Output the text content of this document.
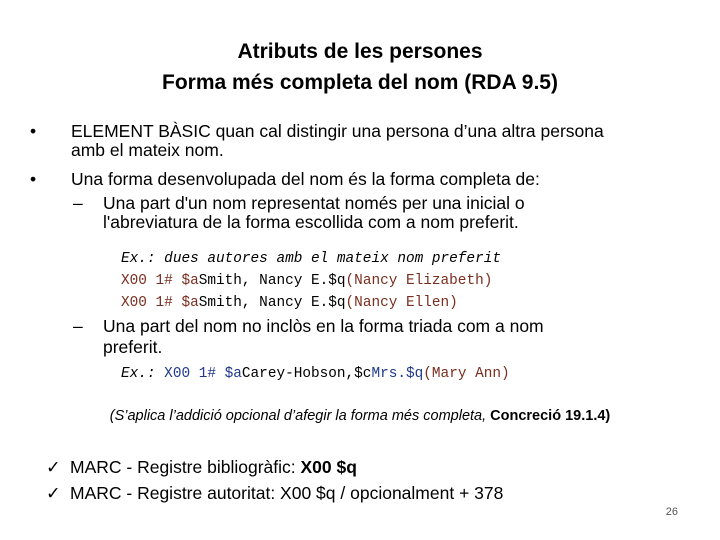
Atributs de les persones
Forma més completa del nom (RDA 9.5)
• ELEMENT BÀSIC quan cal distingir una persona d’una altra persona
amb el mateix nom.
• Una forma desenvolupada del nom és la forma completa de:
– Una part d'un nom representat només per una inicial o
l'abreviatura de la forma escollida com a nom preferit.
Ex.: dues autores amb el mateix nom preferit
X00 1# $aSmith, Nancy E.$q(Nancy Elizabeth)
X00 1# $aSmith, Nancy E.$q(Nancy Ellen)
– Una part del nom no inclòs en la forma triada com a nom
preferit.
Ex.: X00 1# $aCarey-Hobson,$cMrs.$q(Mary Ann)
(S’aplica l’addició opcional d’afegir la forma més completa, Concreció 19.1.4)
✓ MARC - Registre bibliogràfic: X00 $q
✓ MARC - Registre autoritat: X00 $q / opcionalment + 378
26
